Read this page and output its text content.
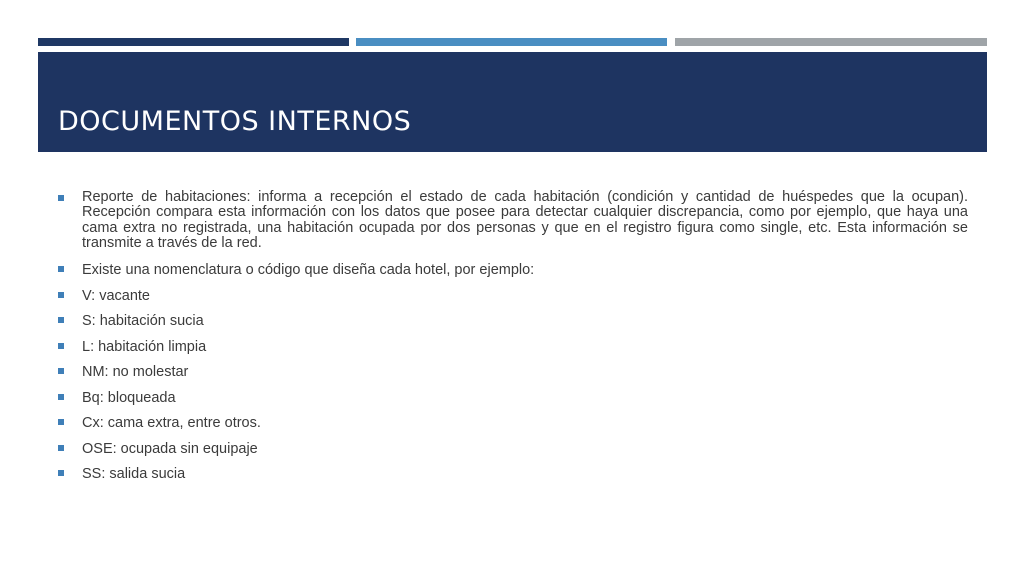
DOCUMENTOS INTERNOS
Reporte de habitaciones: informa a recepción el estado de cada habitación (condición y cantidad de huéspedes que la ocupan). Recepción compara esta información con los datos que posee para detectar cualquier discrepancia, como por ejemplo, que haya una cama extra no registrada, una habitación ocupada por dos personas y que en el registro figura como single, etc. Esta información se transmite a través de la red.
Existe una nomenclatura o código que diseña cada hotel, por ejemplo:
V: vacante
S: habitación sucia
L: habitación limpia
NM: no molestar
Bq: bloqueada
Cx: cama extra, entre otros.
OSE: ocupada sin equipaje
SS: salida sucia
